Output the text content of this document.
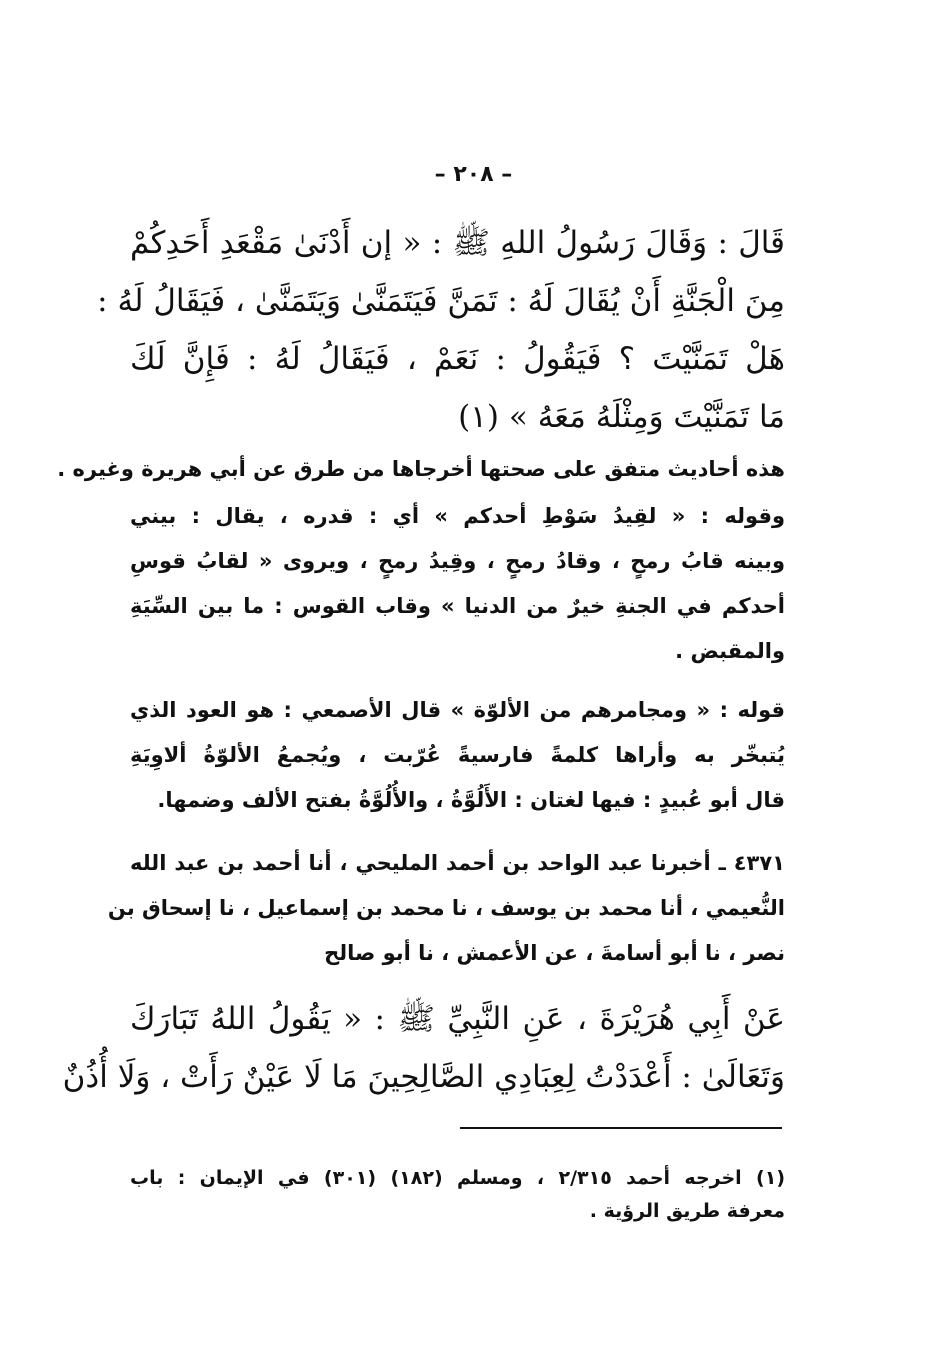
– ٢٠٨ –
قَالَ : وَقَالَ رَسُولُ اللهِ ﷺ : « إن أَدْنَىٰ مَقْعَدِ أَحَدِكُمْ
مِنَ الْجَنَّةِ أَنْ يُقَالَ لَهُ : تَمَنَّ فَيَتَمَنَّىٰ وَيَتَمَنَّىٰ ، فَيَقَالُ لَهُ :
هَلْ تَمَنَّيْتَ ؟ فَيَقُولُ : نَعَمْ ، فَيَقَالُ لَهُ : فَإِنَّ لَكَ
مَا تَمَنَّيْتَ وَمِثْلَهُ مَعَهُ » (١)
هذه أحاديث متفق على صحتها أخرجاها من طرق عن أبي هريرة وغيره .
وقوله : « لقِيدُ سَوْطِ أحدكم » أي : قدره ، يقال : بيني
وبينه قابُ رمحٍ ، وقادُ رمحٍ ، وقِيدُ رمحٍ ، ويروى « لقابُ قوسِ
أحدكم في الجنةِ خيرٌ من الدنيا » وقاب القوس : ما بين السِّيَةِ
والمقبض .
قوله : « ومجامرهم من الألوّة » قال الأصمعي : هو العود الذي
يُتبخّر به وأراها كلمةً فارسيةً عُرّبت ، ويُجمعُ الألوّةُ ألاوِيَةِ
قال أبو عُبيدٍ : فيها لغتان : الأَلُوَّةُ ، والأُلُوَّةُ بفتح الألف وضمها.
٤٣٧١ ـ أخبرنا عبد الواحد بن أحمد المليحي ، أنا أحمد بن عبد الله
النُّعيمي ، أنا محمد بن يوسف ، نا محمد بن إسماعيل ، نا إسحاق بن
نصر ، نا أبو أسامةَ ، عن الأعمش ، نا أبو صالح
عَنْ أَبِي هُرَيْرَةَ ، عَنِ النَّبِيِّ ﷺ : « يَقُولُ اللهُ تَبَارَكَ
وَتَعَالَىٰ : أَعْدَدْتُ لِعِبَادِي الصَّالِحِينَ مَا لَا عَيْنٌ رَأَتْ ، وَلَا أُذُنٌ
(١) اخرجه أحمد ٢/٣١٥ ، ومسلم (١٨٢) (٣٠١) في الإيمان : باب
معرفة طريق الرؤية .
